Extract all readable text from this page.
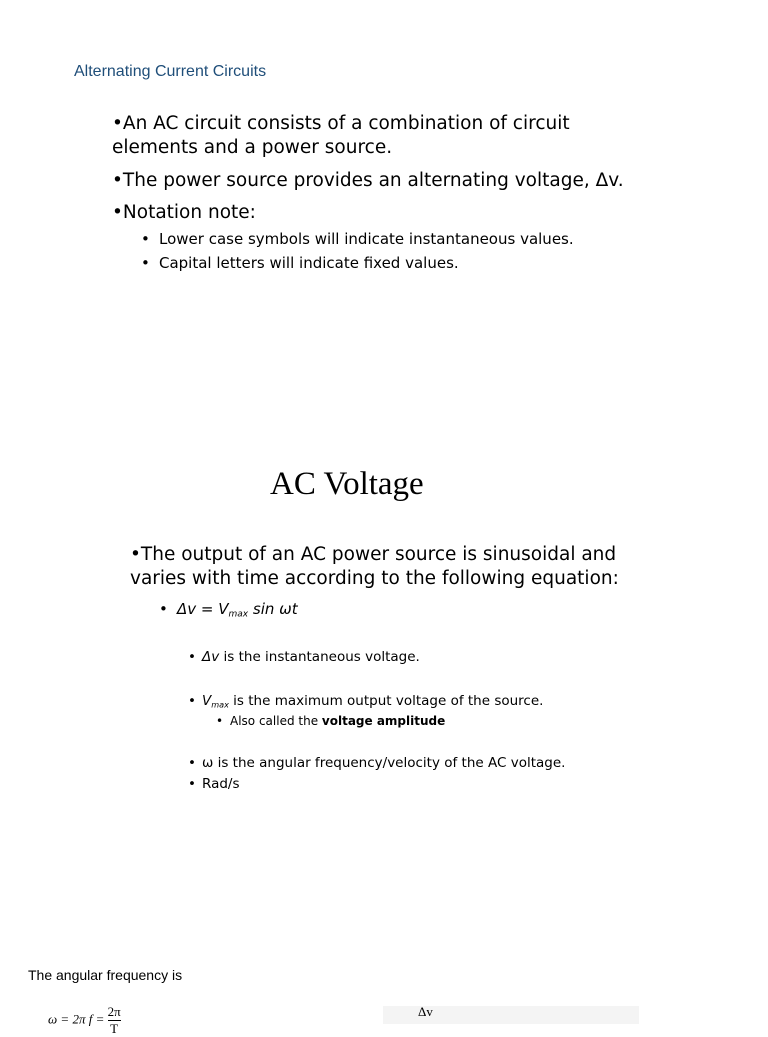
Alternating Current Circuits
•An AC circuit consists of a combination of circuit
elements and a power source.
•The power source provides an alternating voltage, Δv.
•Notation note:
• Lower case symbols will indicate instantaneous values.
• Capital letters will indicate fixed values.
AC Voltage
•The output of an AC power source is sinusoidal and
varies with time according to the following equation:
• $\Delta v = V_{max}$ sin ωt
• Δv is the instantaneous voltage.
• $V_{max}$ is the maximum output voltage of the source.
• Also called the voltage amplitude
• ω is the angular frequency/velocity of the AC voltage.
• Rad/s
The angular frequency is
ω = 2π $f = \frac{2\pi}{T}$	Δv
